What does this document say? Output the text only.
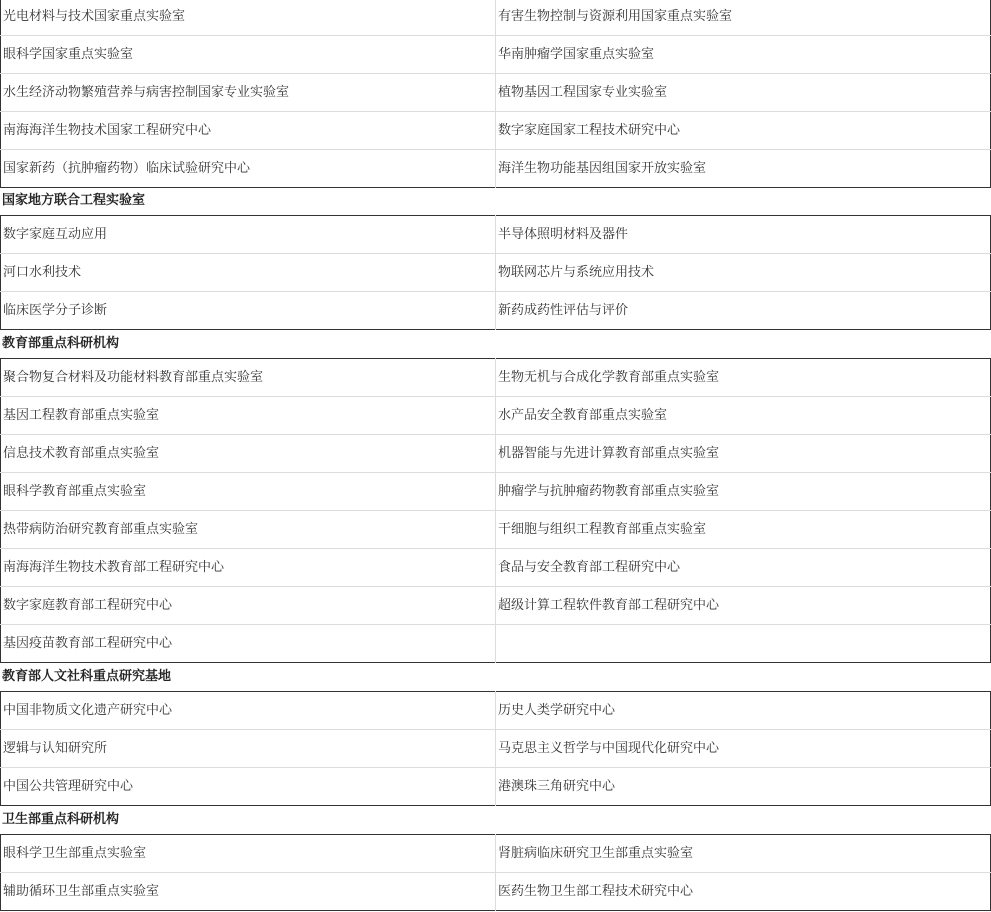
光电材料与技术国家重点实验室	有害生物控制与资源利用国家重点实验室
眼科学国家重点实验室	华南肿瘤学国家重点实验室
水生经济动物繁殖营养与病害控制国家专业实验室	植物基因工程国家专业实验室
南海海洋生物技术国家工程研究中心	数字家庭国家工程技术研究中心
国家新药（抗肿瘤药物）临床试验研究中心	海洋生物功能基因组国家开放实验室
国家地方联合工程实验室
数字家庭互动应用	半导体照明材料及器件
河口水利技术	物联网芯片与系统应用技术
临床医学分子诊断	新药成药性评估与评价
教育部重点科研机构
聚合物复合材料及功能材料教育部重点实验室	生物无机与合成化学教育部重点实验室
基因工程教育部重点实验室	水产品安全教育部重点实验室
信息技术教育部重点实验室	机器智能与先进计算教育部重点实验室
眼科学教育部重点实验室	肿瘤学与抗肿瘤药物教育部重点实验室
热带病防治研究教育部重点实验室	干细胞与组织工程教育部重点实验室
南海海洋生物技术教育部工程研究中心	食品与安全教育部工程研究中心
数字家庭教育部工程研究中心	超级计算工程软件教育部工程研究中心
基因疫苗教育部工程研究中心	
教育部人文社科重点研究基地
中国非物质文化遗产研究中心	历史人类学研究中心
逻辑与认知研究所	马克思主义哲学与中国现代化研究中心
中国公共管理研究中心	港澳珠三角研究中心
卫生部重点科研机构
眼科学卫生部重点实验室	肾脏病临床研究卫生部重点实验室
辅助循环卫生部重点实验室	医药生物卫生部工程技术研究中心
